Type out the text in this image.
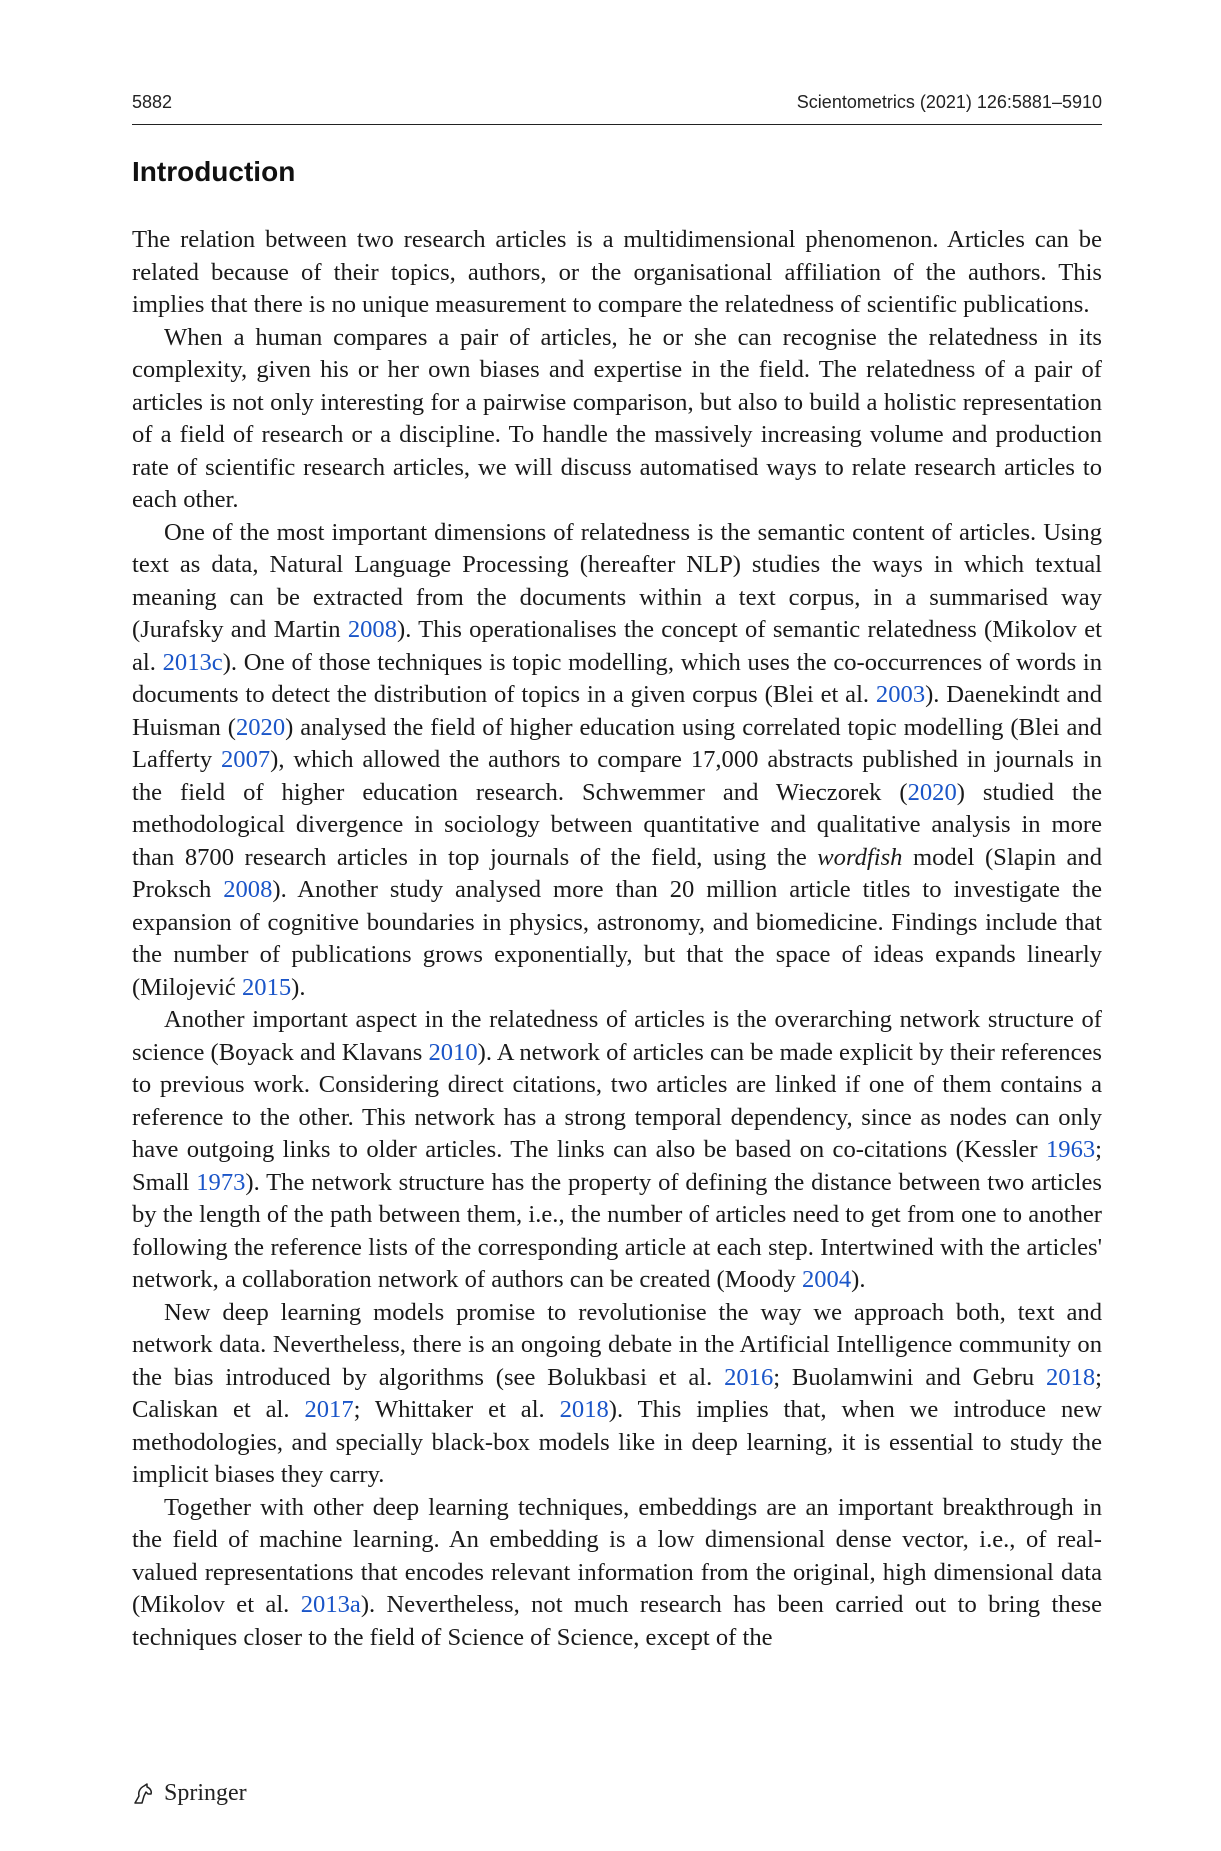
5882	Scientometrics (2021) 126:5881–5910
Introduction

The relation between two research articles is a multidimensional phenomenon. Articles can be related because of their topics, authors, or the organisational affiliation of the authors. This implies that there is no unique measurement to compare the relatedness of scientific publications.

When a human compares a pair of articles, he or she can recognise the relatedness in its complexity, given his or her own biases and expertise in the field. The relatedness of a pair of articles is not only interesting for a pairwise comparison, but also to build a holistic representation of a field of research or a discipline. To handle the massively increasing volume and production rate of scientific research articles, we will discuss automatised ways to relate research articles to each other.

One of the most important dimensions of relatedness is the semantic content of articles. Using text as data, Natural Language Processing (hereafter NLP) studies the ways in which textual meaning can be extracted from the documents within a text corpus, in a summarised way (Jurafsky and Martin 2008). This operationalises the concept of semantic relatedness (Mikolov et al. 2013c). One of those techniques is topic modelling, which uses the co-occurrences of words in documents to detect the distribution of topics in a given corpus (Blei et al. 2003). Daenekindt and Huisman (2020) analysed the field of higher education using correlated topic modelling (Blei and Lafferty 2007), which allowed the authors to compare 17,000 abstracts published in journals in the field of higher education research. Schwemmer and Wieczorek (2020) studied the methodological divergence in sociology between quantitative and qualitative analysis in more than 8700 research articles in top journals of the field, using the wordfish model (Slapin and Proksch 2008). Another study analysed more than 20 million article titles to investigate the expansion of cognitive boundaries in physics, astronomy, and biomedicine. Findings include that the number of publications grows exponentially, but that the space of ideas expands linearly (Milojević 2015).

Another important aspect in the relatedness of articles is the overarching network structure of science (Boyack and Klavans 2010). A network of articles can be made explicit by their references to previous work. Considering direct citations, two articles are linked if one of them contains a reference to the other. This network has a strong temporal dependency, since as nodes can only have outgoing links to older articles. The links can also be based on co-citations (Kessler 1963; Small 1973). The network structure has the property of defining the distance between two articles by the length of the path between them, i.e., the number of articles need to get from one to another following the reference lists of the corresponding article at each step. Intertwined with the articles' network, a collaboration network of authors can be created (Moody 2004).

New deep learning models promise to revolutionise the way we approach both, text and network data. Nevertheless, there is an ongoing debate in the Artificial Intelligence community on the bias introduced by algorithms (see Bolukbasi et al. 2016; Buolamwini and Gebru 2018; Caliskan et al. 2017; Whittaker et al. 2018). This implies that, when we introduce new methodologies, and specially black-box models like in deep learning, it is essential to study the implicit biases they carry.

Together with other deep learning techniques, embeddings are an important breakthrough in the field of machine learning. An embedding is a low dimensional dense vector, i.e., of real-valued representations that encodes relevant information from the original, high dimensional data (Mikolov et al. 2013a). Nevertheless, not much research has been carried out to bring these techniques closer to the field of Science of Science, except of the

Springer
